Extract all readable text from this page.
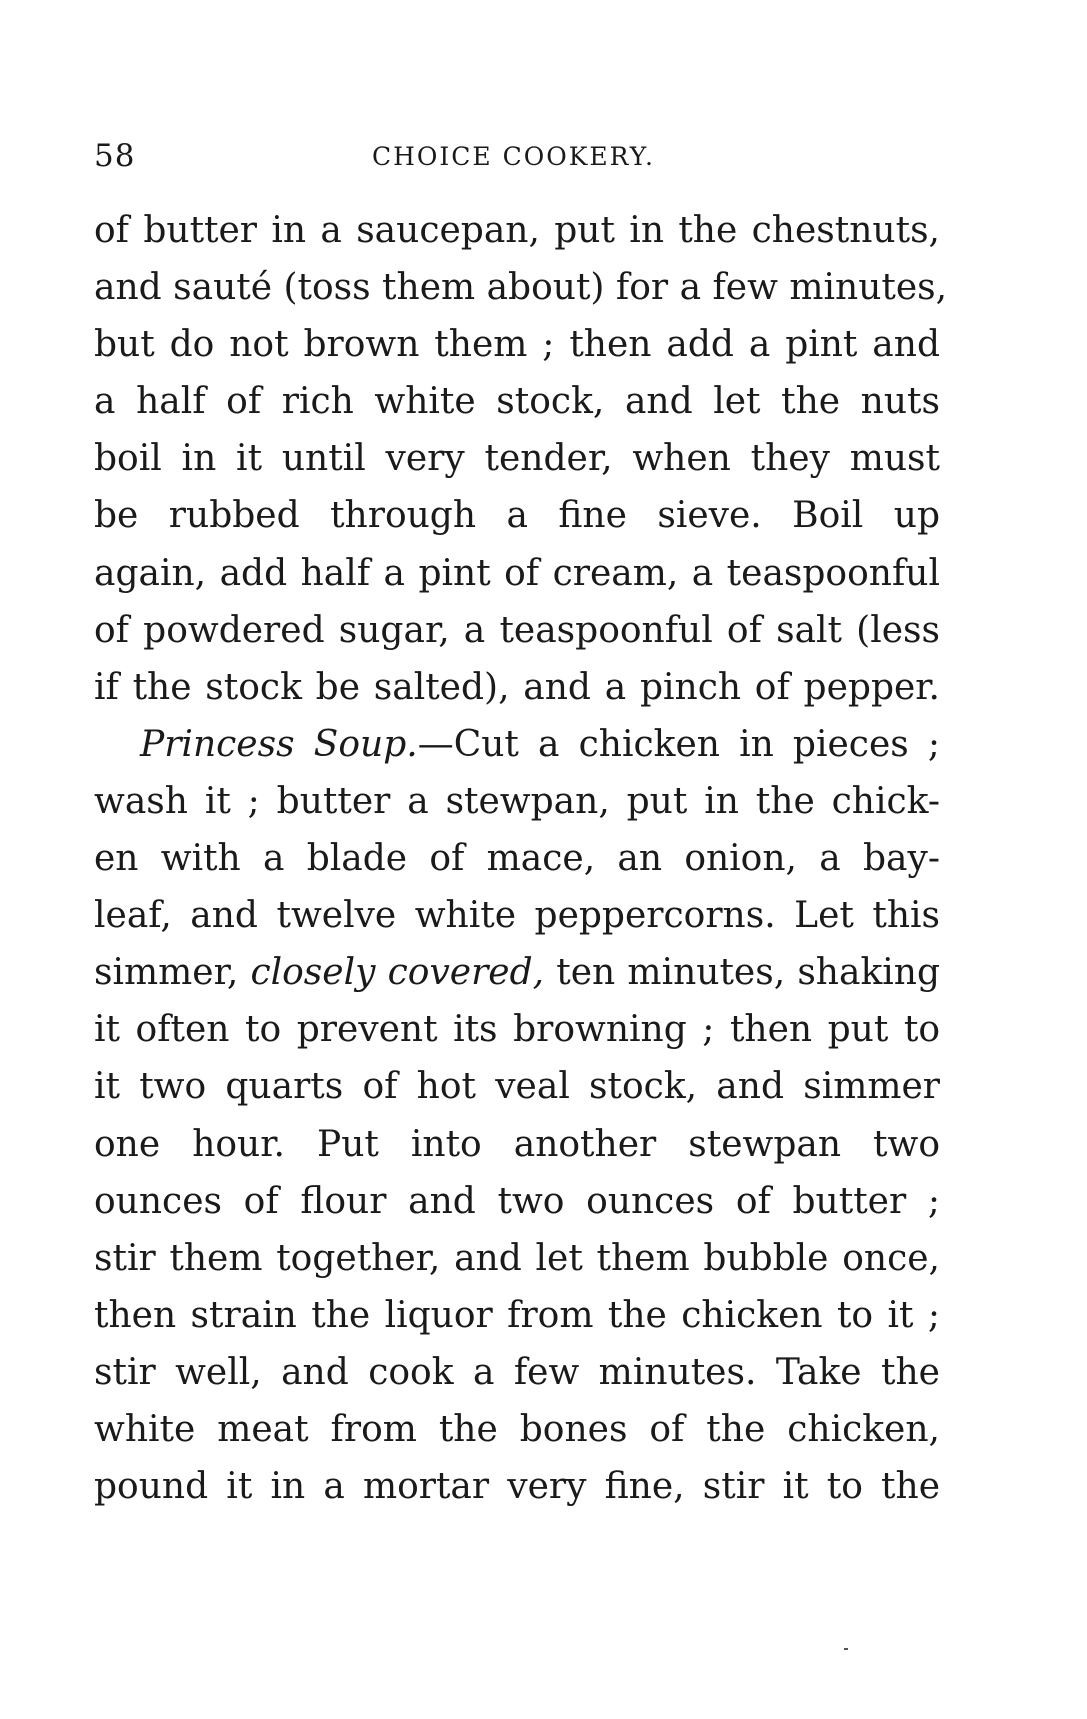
58	CHOICE COOKERY.
of butter in a saucepan, put in the chestnuts,
and sauté (toss them about) for a few minutes,
but do not brown them ; then add a pint and
a half of rich white stock, and let the nuts
boil in it until very tender, when they must
be rubbed through a fine sieve. Boil up
again, add half a pint of cream, a teaspoonful
of powdered sugar, a teaspoonful of salt (less
if the stock be salted), and a pinch of pepper.
Princess Soup.—Cut a chicken in pieces ;
wash it ; butter a stewpan, put in the chick-
en with a blade of mace, an onion, a bay-
leaf, and twelve white peppercorns. Let this
simmer, closely covered, ten minutes, shaking
it often to prevent its browning ; then put to
it two quarts of hot veal stock, and simmer
one hour. Put into another stewpan two
ounces of flour and two ounces of butter ;
stir them together, and let them bubble once,
then strain the liquor from the chicken to it ;
stir well, and cook a few minutes. Take the
white meat from the bones of the chicken,
pound it in a mortar very fine, stir it to the
